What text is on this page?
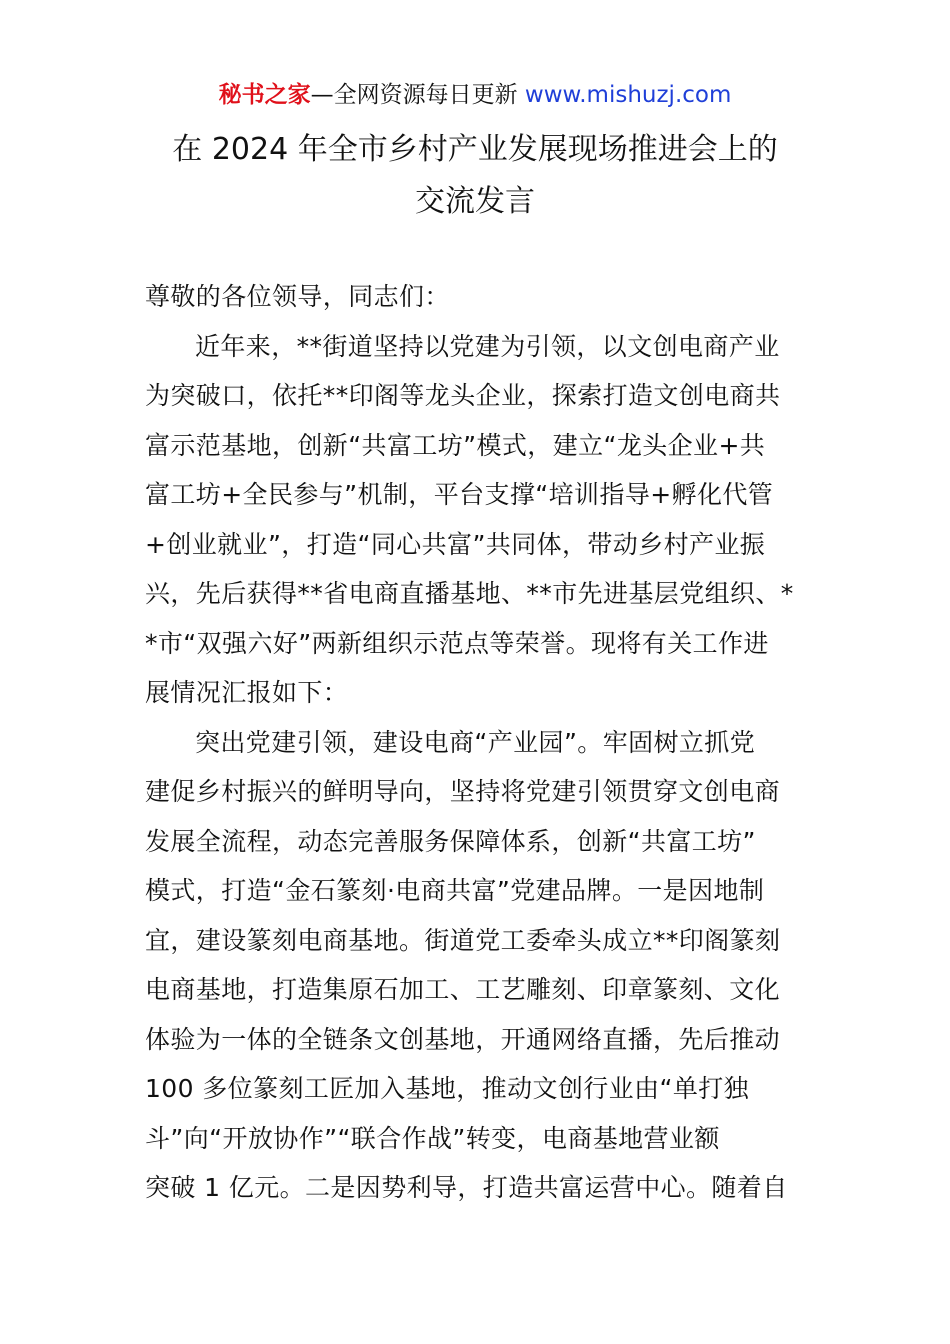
秘书之家—全网资源每日更新 www.mishuzj.com
在 2024 年全市乡村产业发展现场推进会上的
交流发言
尊敬的各位领导，同志们：
近年来，**街道坚持以党建为引领，以文创电商产业
为突破口，依托**印阁等龙头企业，探索打造文创电商共
富示范基地，创新“共富工坊”模式，建立“龙头企业+共
富工坊+全民参与”机制，平台支撑“培训指导+孵化代管
+创业就业”，打造“同心共富”共同体，带动乡村产业振
兴，先后获得**省电商直播基地、**市先进基层党组织、*
*市“双强六好”两新组织示范点等荣誉。现将有关工作进
展情况汇报如下：
突出党建引领，建设电商“产业园”。牢固树立抓党
建促乡村振兴的鲜明导向，坚持将党建引领贯穿文创电商
发展全流程，动态完善服务保障体系，创新“共富工坊”
模式，打造“金石篆刻·电商共富”党建品牌。一是因地制
宜，建设篆刻电商基地。街道党工委牵头成立**印阁篆刻
电商基地，打造集原石加工、工艺雕刻、印章篆刻、文化
体验为一体的全链条文创基地，开通网络直播，先后推动
100 多位篆刻工匠加入基地，推动文创行业由“单打独
斗”向“开放协作”“联合作战”转变，电商基地营业额
突破 1 亿元。二是因势利导，打造共富运营中心。随着自
